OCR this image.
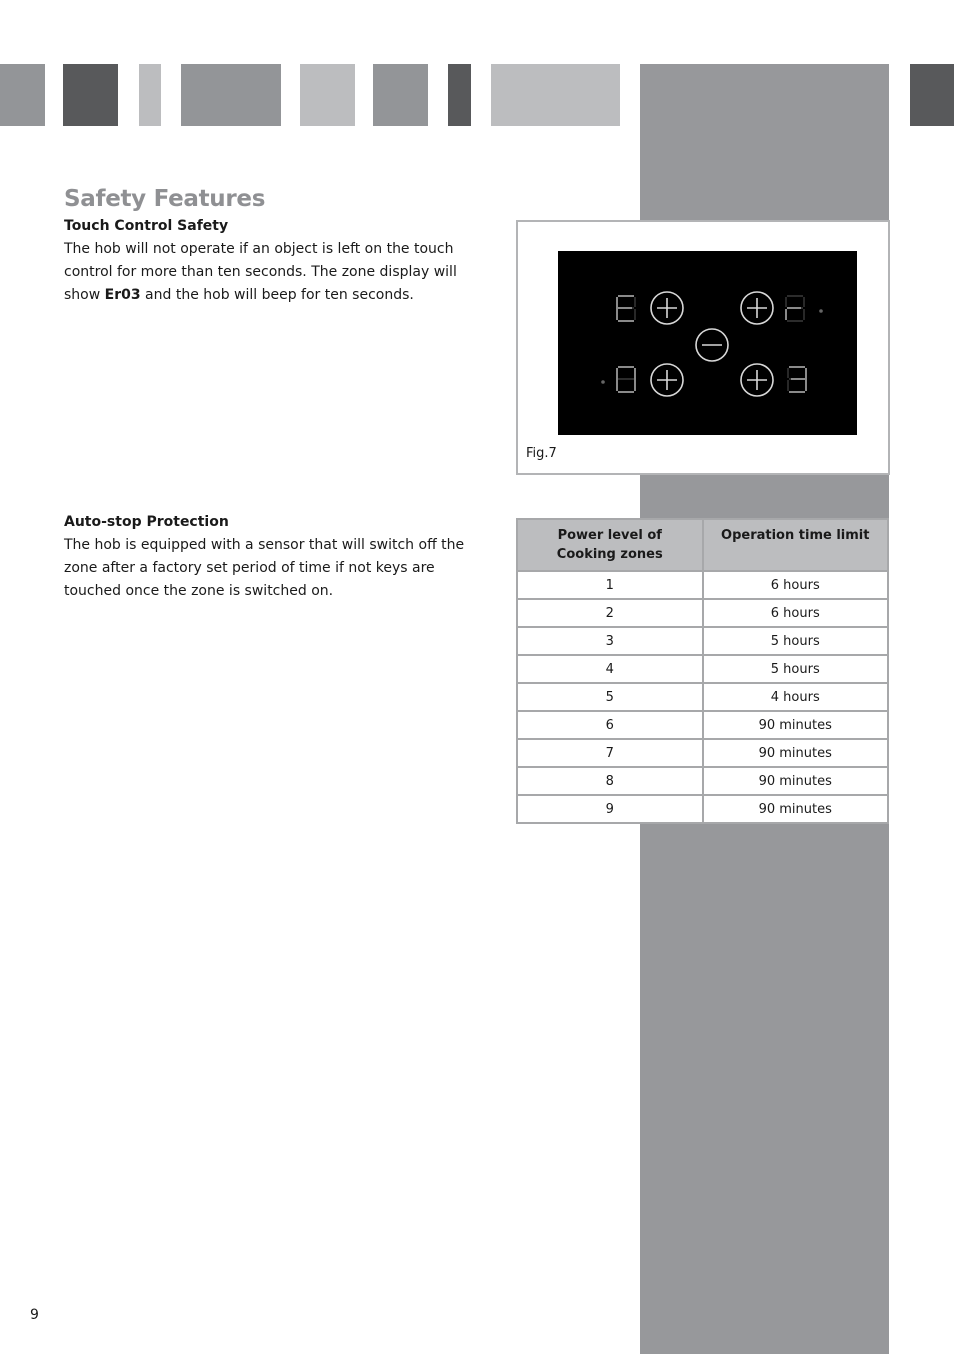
Safety Features
Touch Control Safety

The hob will not operate if an object is left on the touch control for more than ten seconds. The zone display will show Er03 and the hob will beep for ten seconds.

Fig.7
Auto-stop Protection

The hob is equipped with a sensor that will switch off the zone after a factory set period of time if not keys are touched once the zone is switched on.

Power level of Cooking zones	Operation time limit
1	6 hours
2	6 hours
3	5 hours
4	5 hours
5	4 hours
6	90 minutes
7	90 minutes
8	90 minutes
9	90 minutes
9
